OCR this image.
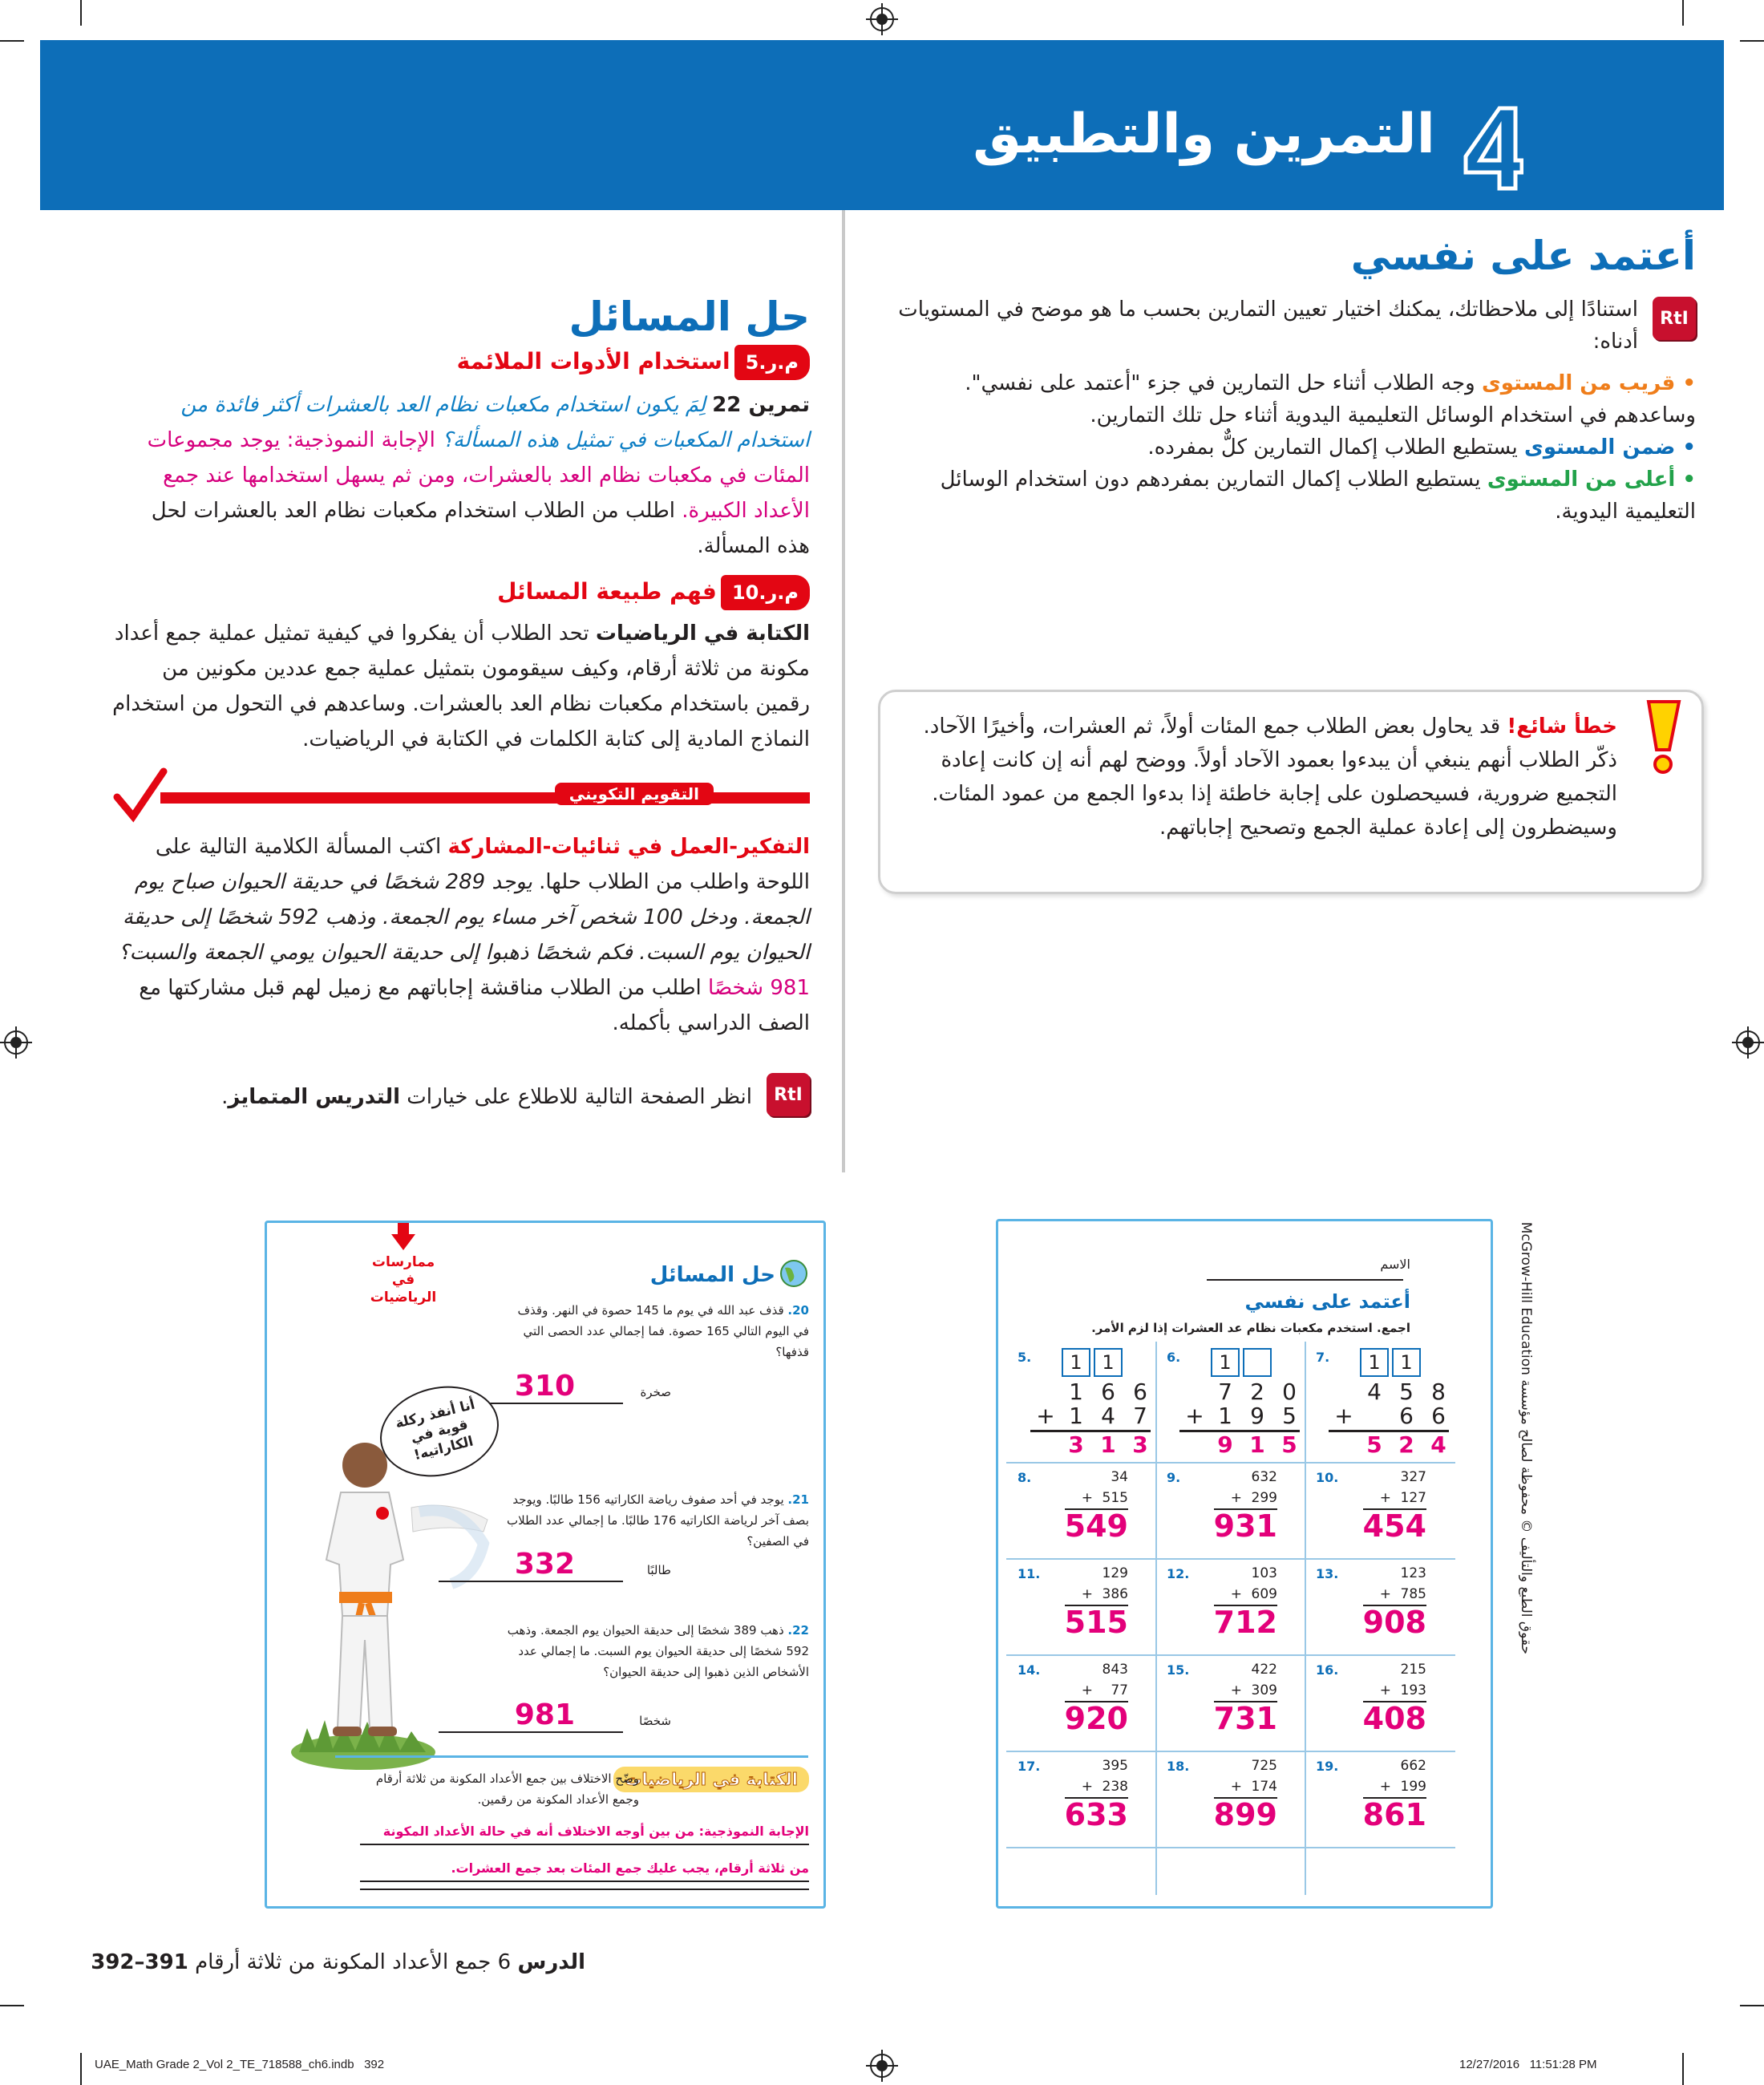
التمرين والتطبيق
أعتمد على نفسي
RtI
استنادًا إلى ملاحظاتك، يمكنك اختيار تعيين التمارين بحسب ما هو موضح في المستويات أدناه:
• قريب من المستوى وجه الطلاب أثناء حل التمارين في جزء "أعتمد على نفسي". وساعدهم في استخدام الوسائل التعليمية اليدوية أثناء حل تلك التمارين.
• ضمن المستوى يستطيع الطلاب إكمال التمارين كلٌّ بمفرده.
• أعلى من المستوى يستطيع الطلاب إكمال التمارين بمفردهم دون استخدام الوسائل التعليمية اليدوية.
خطأ شائع! قد يحاول بعض الطلاب جمع المئات أولاً، ثم العشرات، وأخيرًا الآحاد. ذكّر الطلاب أنهم ينبغي أن يبدءوا بعمود الآحاد أولاً. ووضح لهم أنه إن كانت إعادة التجميع ضرورية، فسيحصلون على إجابة خاطئة إذا بدءوا الجمع من عمود المئات. وسيضطرون إلى إعادة عملية الجمع وتصحيح إجاباتهم.
حل المسائل
م.ر.5 استخدام الأدوات الملائمة
تمرين 22 لِمَ يكون استخدام مكعبات نظام العد بالعشرات أكثر فائدة من استخدام المكعبات في تمثيل هذه المسألة؟ الإجابة النموذجية: يوجد مجموعات المئات في مكعبات نظام العد بالعشرات، ومن ثم يسهل استخدامها عند جمع الأعداد الكبيرة. اطلب من الطلاب استخدام مكعبات نظام العد بالعشرات لحل هذه المسألة.
م.ر.10 فهم طبيعة المسائل
الكتابة في الرياضيات تحد الطلاب أن يفكروا في كيفية تمثيل عملية جمع أعداد مكونة من ثلاثة أرقام، وكيف سيقومون بتمثيل عملية جمع عددين مكونين من رقمين باستخدام مكعبات نظام العد بالعشرات. وساعدهم في التحول من استخدام النماذج المادية إلى كتابة الكلمات في الكتابة في الرياضيات.
التقويم التكويني
التفكير-العمل في ثنائيات-المشاركة اكتب المسألة الكلامية التالية على اللوحة واطلب من الطلاب حلها. يوجد 289 شخصًا في حديقة الحيوان صباح يوم الجمعة. ودخل 100 شخص آخر مساء يوم الجمعة. وذهب 592 شخصًا إلى حديقة الحيوان يوم السبت. فكم شخصًا ذهبوا إلى حديقة الحيوان يومي الجمعة والسبت؟ 981 شخصًا اطلب من الطلاب مناقشة إجاباتهم مع زميل لهم قبل مشاركتها مع الصف الدراسي بأكمله.
RtI
انظر الصفحة التالية للاطلاع على خيارات التدريس المتمايز.
ممارسات في الرياضيات
حل المسائل
20. قذف عبد الله في يوم ما 145 حصوة في النهر. وقذف في اليوم التالي 165 حصوة. فما إجمالي عدد الحصى التي قذفها؟
صخرة
310
أنا أنفذ ركلة قوية في الكاراتيه!
21. يوجد في أحد صفوف رياضة الكاراتيه 156 طالبًا. ويوجد بصف آخر لرياضة الكاراتيه 176 طالبًا. ما إجمالي عدد الطلاب في الصفين؟
طالبًا
332
22. ذهب 389 شخصًا إلى حديقة الحيوان يوم الجمعة. وذهب 592 شخصًا إلى حديقة الحيوان يوم السبت. ما إجمالي عدد الأشخاص الذين ذهبوا إلى حديقة الحيوان؟
شخصًا
981
الكتابة في الرياضيات
وضّح الاختلاف بين جمع الأعداد المكونة من ثلاثة أرقام وجمع الأعداد المكونة من رقمين.
الإجابة النموذجية: من بين أوجه الاختلاف أنه في حالة الأعداد المكونة
من ثلاثة أرقام، يجب عليك جمع المئات بعد جمع العشرات.
الاسم
أعتمد على نفسي
اجمع. استخدم مكعبات نظام عد العشرات إذا لزم الأمر.
حقوق الطبع والتأليف © محفوظة لصالح مؤسسة McGrow-Hill Education
5.	1	1
1 6 6
1 4 7
+
3 1 3
6.	1
7 2 0
1 9 5
+
9 1 5
7.	1	1
4 5 8
6 6
+
5 2 4
8.	34
+ 515
549
9.	632
+ 299
931
10.	327
+ 127
454
11.	129
+ 386
515
12.	103
+ 609
712
13.	123
+ 785
908
14.	843
+ 77
920
15.	422
+ 309
731
16.	215
+ 193
408
17.	395
+ 238
633
18.	725
+ 174
899
19.	662
+ 199
861
الدرس 6 جمع الأعداد المكونة من ثلاثة أرقام 391–392
UAE_Math Grade 2_Vol 2_TE_718588_ch6.indb   392	12/27/2016   11:51:28 PM
